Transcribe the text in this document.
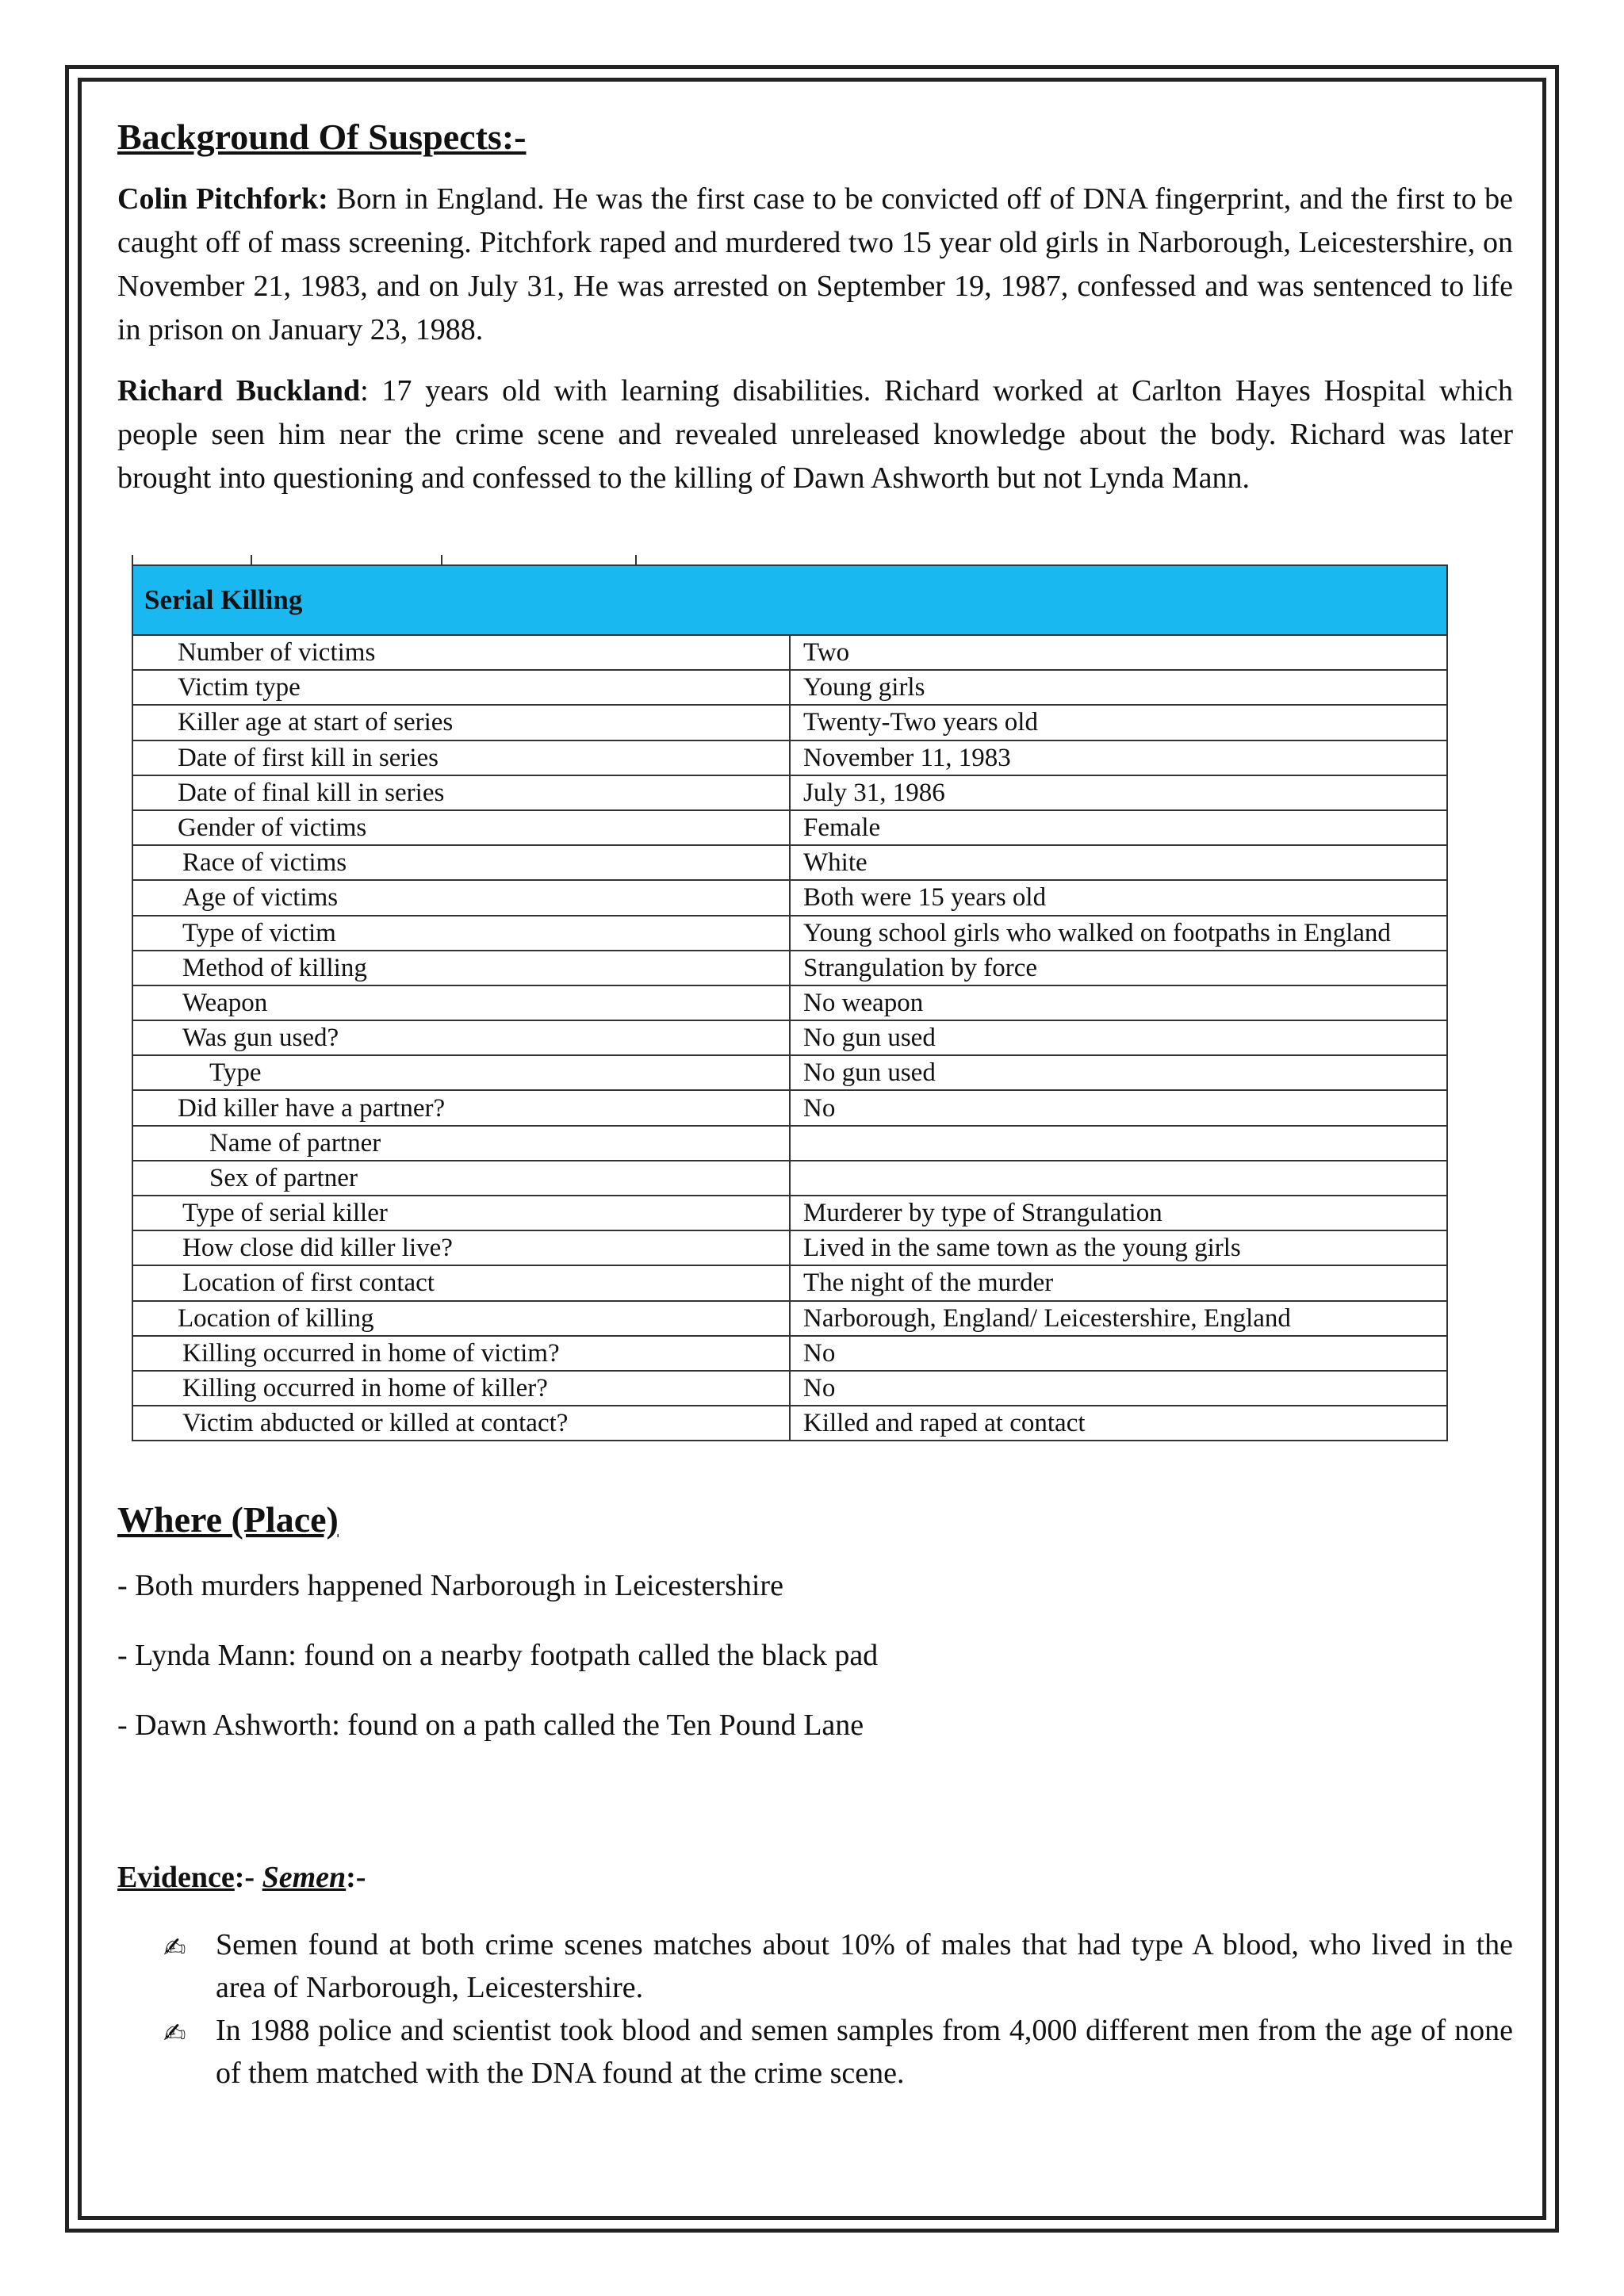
Background Of Suspects:-

Colin Pitchfork: Born in England. He was the first case to be convicted off of DNA fingerprint, and the first to be caught off of mass screening. Pitchfork raped and murdered two 15 year old girls in Narborough, Leicestershire, on November 21, 1983, and on July 31, He was arrested on September 19, 1987, confessed and was sentenced to life in prison on January 23, 1988.

Richard Buckland: 17 years old with learning disabilities. Richard worked at Carlton Hayes Hospital which people seen him near the crime scene and revealed unreleased knowledge about the body. Richard was later brought into questioning and confessed to the killing of Dawn Ashworth but not Lynda Mann.

Serial Killing	
Number of victims	Two
Victim type	Young girls
Killer age at start of series	Twenty-Two years old
Date of first kill in series	November 11, 1983
Date of final kill in series	July 31, 1986
Gender of victims	Female
Race of victims	White
Age of victims	Both were 15 years old
Type of victim	Young school girls who walked on footpaths in England
Method of killing	Strangulation by force
Weapon	No weapon
Was gun used?	No gun used
Type	No gun used
Did killer have a partner?	No
Name of partner	
Sex of partner	
Type of serial killer	Murderer by type of Strangulation
How close did killer live?	Lived in the same town as the young girls
Location of first contact	The night of the murder
Location of killing	Narborough, England/ Leicestershire, England
Killing occurred in home of victim?	No
Killing occurred in home of killer?	No
Victim abducted or killed at contact?	Killed and raped at contact
Where (Place)

- Both murders happened Narborough in Leicestershire

- Lynda Mann: found on a nearby footpath called the black pad

- Dawn Ashworth: found on a path called the Ten Pound Lane

Evidence:- Semen:-

✍ Semen found at both crime scenes matches about 10% of males that had type A blood, who lived in the area of Narborough, Leicestershire.
✍ In 1988 police and scientist took blood and semen samples from 4,000 different men from the age of none of them matched with the DNA found at the crime scene.
